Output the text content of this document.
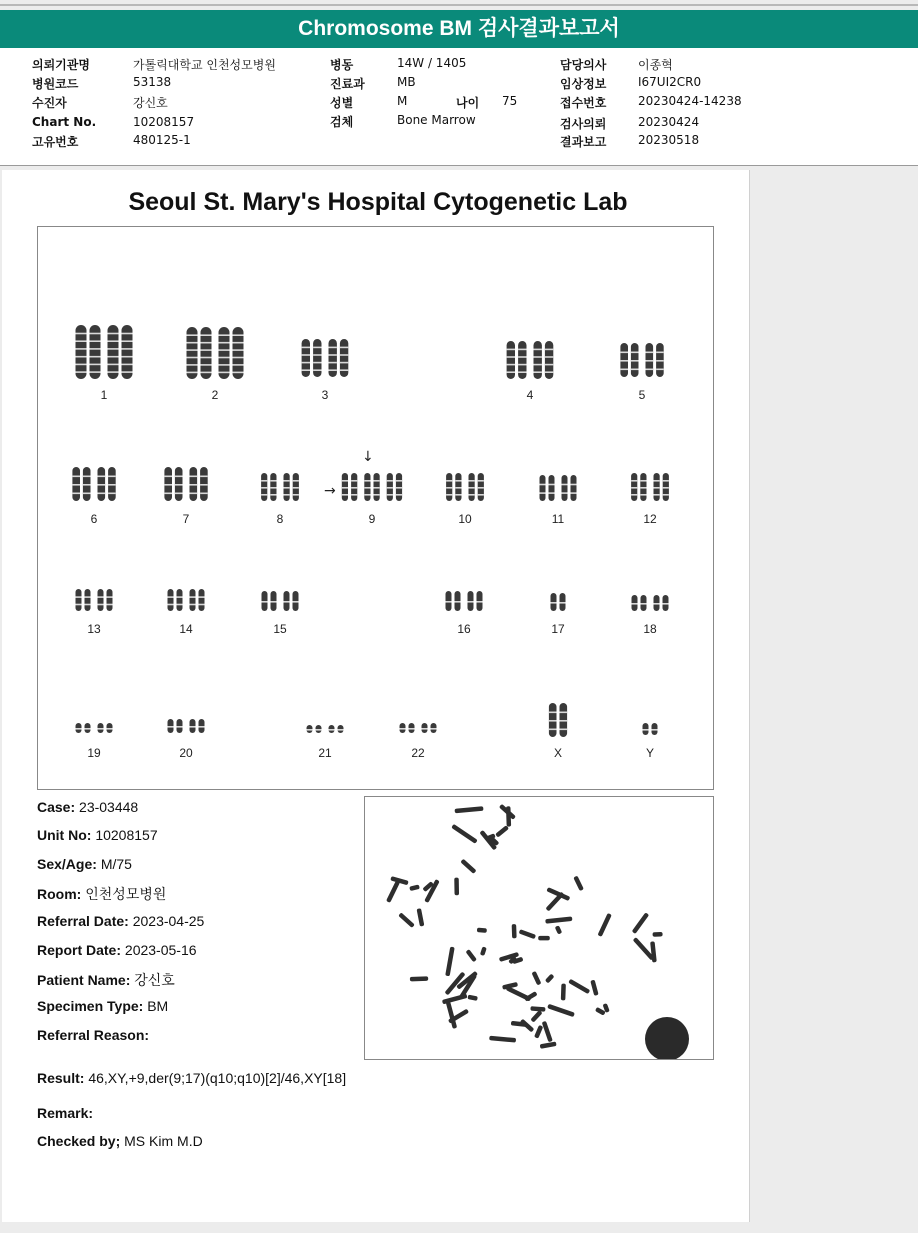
Chromosome BM 검사결과보고서
의뢰기관명	가톨릭대학교 인천성모병원
병원코드	53138
수진자	강신호
Chart No.	10208157
고유번호	480125-1
병동	14W / 1405
진료과	MB
성별	M	나이 75
검체	Bone Marrow
담당의사	이종혁
임상정보	I67UI2CR0
접수번호	20230424-14238
검사의뢰	20230424
결과보고	20230518
Seoul St. Mary's Hospital Cytogenetic Lab
↓
→
1	2	3	4	5
6	7	8	9	10	11	12
13	14	15	16	17	18
19	20	21	22	X	Y
Case: 23-03448
Unit No: 10208157
Sex/Age: M/75
Room: 인천성모병원
Referral Date: 2023-04-25
Report Date: 2023-05-16
Patient Name: 강신호
Specimen Type: BM
Referral Reason:
Result: 46,XY,+9,der(9;17)(q10;q10)[2]/46,XY[18]
Remark:
Checked by; MS Kim M.D
